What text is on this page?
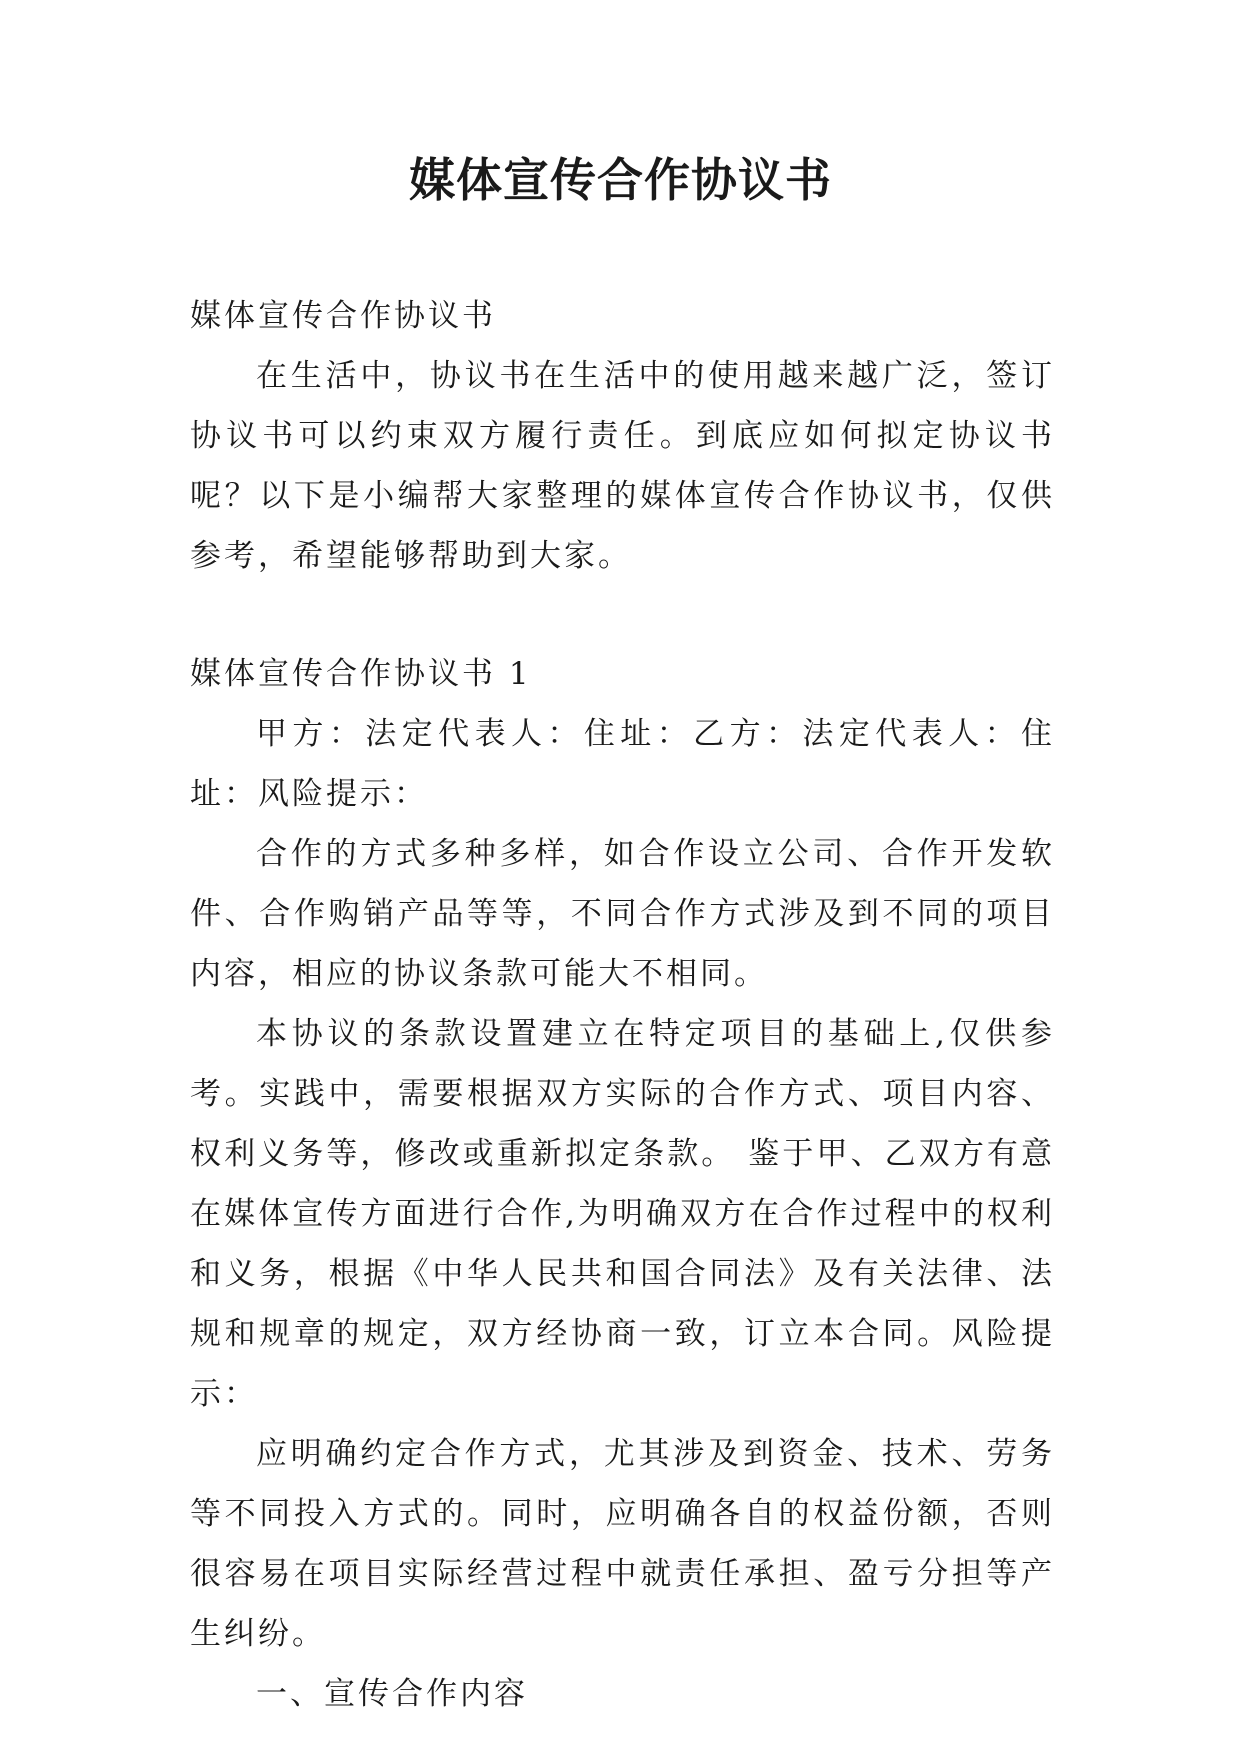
媒体宣传合作协议书

媒体宣传合作协议书

在生活中，协议书在生活中的使用越来越广泛，签订协议书可以约束双方履行责任。到底应如何拟定协议书呢？以下是小编帮大家整理的媒体宣传合作协议书，仅供参考，希望能够帮助到大家。

媒体宣传合作协议书 1

甲方：法定代表人：住址：乙方：法定代表人：住址：风险提示：

合作的方式多种多样，如合作设立公司、合作开发软件、合作购销产品等等，不同合作方式涉及到不同的项目内容，相应的协议条款可能大不相同。

本协议的条款设置建立在特定项目的基础上,仅供参考。实践中，需要根据双方实际的合作方式、项目内容、权利义务等，修改或重新拟定条款。 鉴于甲、乙双方有意在媒体宣传方面进行合作,为明确双方在合作过程中的权利和义务，根据《中华人民共和国合同法》及有关法律、法规和规章的规定，双方经协商一致，订立本合同。风险提示：

应明确约定合作方式，尤其涉及到资金、技术、劳务等不同投入方式的。同时，应明确各自的权益份额，否则很容易在项目实际经营过程中就责任承担、盈亏分担等产生纠纷。

一、宣传合作内容
